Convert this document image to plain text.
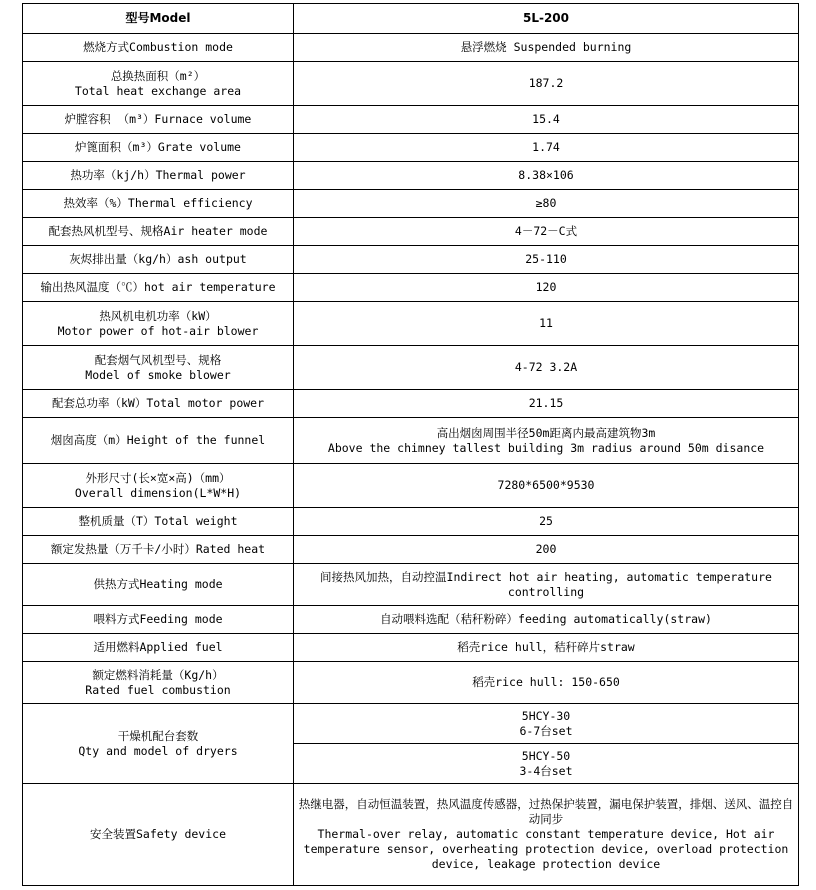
型号Model	5L-200
燃烧方式Combustion mode	悬浮燃烧 Suspended burning

总换热面积（m²）
Total heat exchange area	187.2
炉膛容积 （m³）Furnace volume	15.4
炉篦面积（m³）Grate volume	1.74
热功率（kj/h）Thermal power	8.38×106
热效率（%）Thermal efficiency	≥80
配套热风机型号、规格Air heater mode	4－72－C式
灰烬排出量（kg/h）ash output	25-110
输出热风温度（℃）hot air temperature	120

热风机电机功率（kW）
Motor power of hot-air blower	11

配套烟气风机型号、规格
Model of smoke blower	4-72 3.2A
配套总功率（kW）Total motor power	21.15
烟囱高度（m）Height of the funnel	高出烟囱周围半径50m距离内最高建筑物3m
Above the chimney tallest building 3m radius around 50m disance

外形尺寸(长×宽×高)（mm）
Overall dimension(L*W*H)	7280*6500*9530
整机质量（T）Total weight	25
额定发热量（万千卡/小时）Rated heat	200
供热方式Heating mode	间接热风加热，自动控温Indirect hot air heating, automatic temperature controlling
喂料方式Feeding mode	自动喂料选配（秸秆粉碎）feeding automatically(straw)
适用燃料Applied fuel	稻壳rice hull，秸秆碎片straw

额定燃料消耗量（Kg/h）
Rated fuel combustion	稻壳rice hull: 150-650

干燥机配台套数
Qty and model of dryers	5HCY-30
6-7台set

	5HCY-50
3-4台set

安全装置Safety device	热继电器，自动恒温装置，热风温度传感器，过热保护装置，漏电保护装置，排烟、送风、温控自动同步
Thermal-over relay, automatic constant temperature device, Hot air temperature sensor, overheating protection device, overload protection device, leakage protection device
